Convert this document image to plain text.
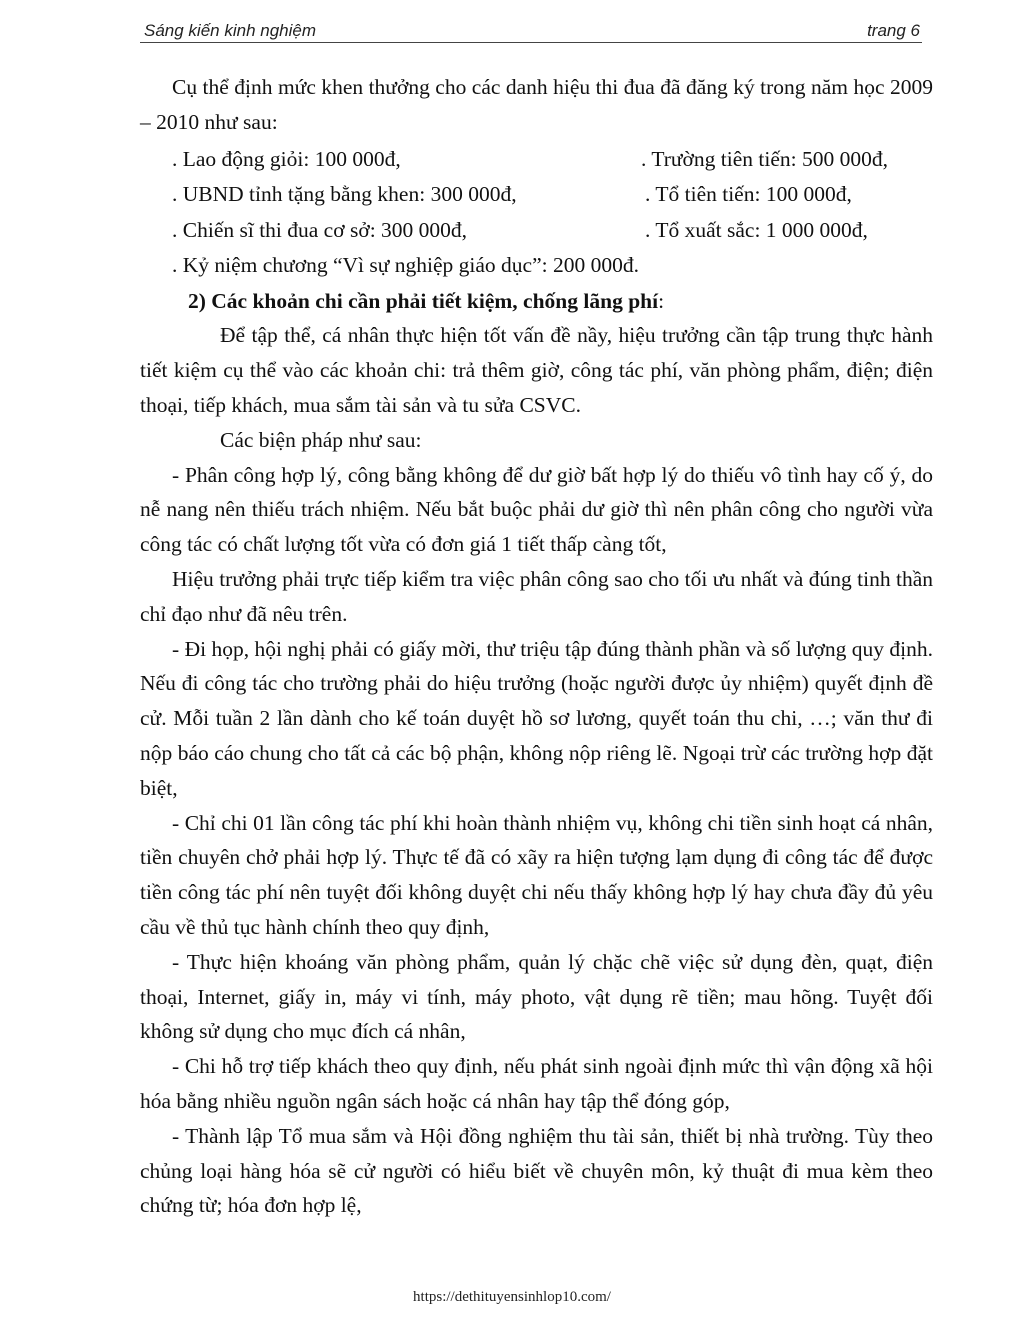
Sáng kiến kinh nghiệm	trang 6

Cụ thể định mức khen thưởng cho các danh hiệu thi đua đã đăng ký trong năm học 2009 – 2010 như sau:

. Lao động giỏi: 100 000đ,	. Trường tiên tiến: 500 000đ,
. UBND tỉnh tặng bằng khen: 300 000đ,	. Tổ tiên tiến: 100 000đ,
. Chiến sĩ thi đua cơ sở: 300 000đ,	. Tổ xuất sắc: 1 000 000đ,
. Kỷ niệm chương “Vì sự nghiệp giáo dục”: 200 000đ.

2) Các khoản chi cần phải tiết kiệm, chống lãng phí:

Để tập thể, cá nhân thực hiện tốt vấn đề nầy, hiệu trưởng cần tập trung thực hành tiết kiệm cụ thể vào các khoản chi: trả thêm giờ, công tác phí, văn phòng phẩm, điện; điện thoại, tiếp khách, mua sắm tài sản và tu sửa CSVC.

Các biện pháp như sau:

- Phân công hợp lý, công bằng không để dư giờ bất hợp lý do thiếu vô tình hay cố ý, do nễ nang nên thiếu trách nhiệm. Nếu bắt buộc phải dư giờ thì nên phân công cho người vừa công tác có chất lượng tốt vừa có đơn giá 1 tiết thấp càng tốt,

Hiệu trưởng phải trực tiếp kiểm tra việc phân công sao cho tối ưu nhất và đúng tinh thần chỉ đạo như đã nêu trên.

- Đi họp, hội nghị phải có giấy mời, thư triệu tập đúng thành phần và số lượng quy định. Nếu đi công tác cho trường phải do hiệu trưởng (hoặc người được ủy nhiệm) quyết định đề cử. Mỗi tuần 2 lần dành cho kế toán duyệt hồ sơ lương, quyết toán thu chi, …; văn thư đi nộp báo cáo chung cho tất cả các bộ phận, không nộp riêng lẽ. Ngoại trừ các trường hợp đặt biệt,

- Chỉ chi 01 lần công tác phí khi hoàn thành nhiệm vụ, không chi tiền sinh hoạt cá nhân, tiền chuyên chở phải hợp lý. Thực tế đã có xãy ra hiện tượng lạm dụng đi công tác để được tiền công tác phí nên tuyệt đối không duyệt chi nếu thấy không hợp lý hay chưa đầy đủ yêu cầu về thủ tục hành chính theo quy định,

- Thực hiện khoáng văn phòng phẩm, quản lý chặc chẽ việc sử dụng đèn, quạt, điện thoại, Internet, giấy in, máy vi tính, máy photo, vật dụng rẽ tiền; mau hõng. Tuyệt đối không sử dụng cho mục đích cá nhân,

- Chi hỗ trợ tiếp khách theo quy định, nếu phát sinh ngoài định mức thì vận động xã hội hóa bằng nhiều nguồn ngân sách hoặc cá nhân hay tập thể đóng góp,

- Thành lập Tổ mua sắm và Hội đồng nghiệm thu tài sản, thiết bị nhà trường. Tùy theo chủng loại hàng hóa sẽ cử người có hiểu biết về chuyên môn, kỷ thuật đi mua kèm theo chứng từ; hóa đơn hợp lệ,

https://dethituyensinhlop10.com/
